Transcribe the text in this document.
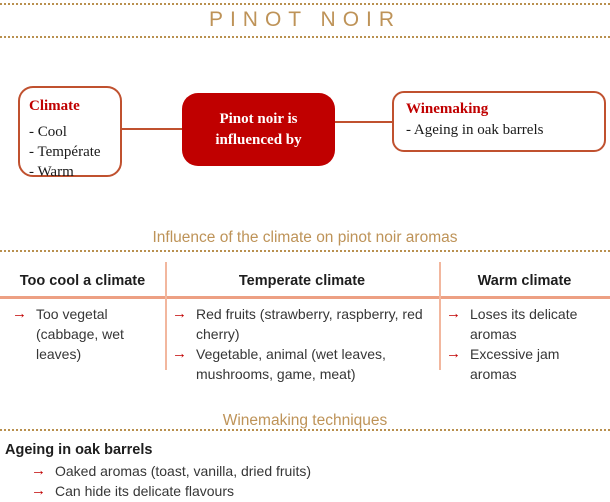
PINOT NOIR
Climate
- Cool
- Températe
- Warm
Pinot noir is influenced by
Winemaking
- Ageing in oak barrels
Influence of the climate on pinot noir aromas
Too cool a climate	Temperate climate	Warm climate
→ Too vegetal (cabbage, wet leaves)
→ Red fruits (strawberry, raspberry, red cherry)
→ Vegetable, animal (wet leaves, mushrooms, game, meat)
→ Loses its delicate aromas
→ Excessive jam aromas
Winemaking techniques
Ageing in oak barrels
→ Oaked aromas (toast, vanilla, dried fruits)
→ Can hide its delicate flavours
